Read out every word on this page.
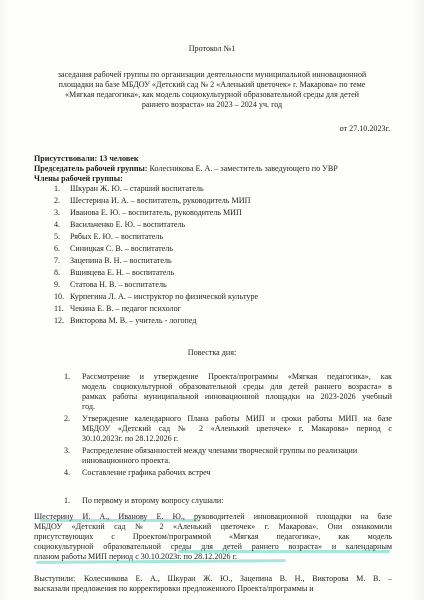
Протокол №1
заседания рабочей группы по организации деятельности муниципальной инновационной
площадки на базе МБДОУ «Детский сад № 2 «Аленький цветочек» г. Макарова» по теме
«Мягкая педагогика», как модель социокультурной образовательной среды для детей
раннего возраста» на 2023 – 2024 уч. год
от 27.10.2023г.
Присутствовали: 13 человек
Председатель рабочей группы: Колесникова Е. А. – заместитель заведующего по УВР
Члены рабочей группы:
1. Шкуран Ж. Ю. – старший воспитатель
2. Шестерина И. А. – воспитатель, руководитель МИП
3. Иванова Е. Ю. – воспитатель, руководитель МИП
4. Васильченко Е. Ю. – воспитатель
5. Рябых Е. Ю. – воспитатель
6. Синицкая С. В. – воспитатель
7. Зацепина В. Н. – воспитатель
8. Вшивцева Е. Н. – воспитатель
9. Статова Н. В. – воспитатель
10. Курпегина Л. А. – инструктор по физической культуре
11. Чекина Е. В. – педагог психолог
12. Викторова М. В. – учитель - логопед
Повестка дня:
1. Рассмотрение и утверждение Проекта/программы «Мягкая педагогика», как
модель социокультурной образовательной среды для детей раннего возраста» в
рамках работы муниципальной инновационной площадки на 2023-2026 учебный
год.
2. Утверждение календарного Плана работы МИП и сроки работы МИП на базе
МБДОУ «Детский сад № 2 «Аленький цветочек» г. Макарова» период с
30.10.2023г. по 28.12.2026 г.
3. Распределение обязанностей между членами творческой группы по реализации
инновационного проекта.
4. Составление графика рабочих встреч
1. По первому и второму вопросу слушали:
Шестерину И. А., Иванову Е. Ю., руководителей инновационной площадки на базе
МБДОУ «Детский сад № 2 «Аленький цветочек» г. Макарова». Они ознакомили
присутствующих с Проектом/программой «Мягкая педагогика», как модель
социокультурной образовательной среды для детей раннего возраста» и календарным
планом работы МИП период с 30.10.2023г. по 28.12.2026 г.
Выступили: Колесникова Е. А., Шкуран Ж. Ю., Зацепина В. Н., Викторова М. В. –
высказали предложения по корректировки предложенного Проекта/программы и
